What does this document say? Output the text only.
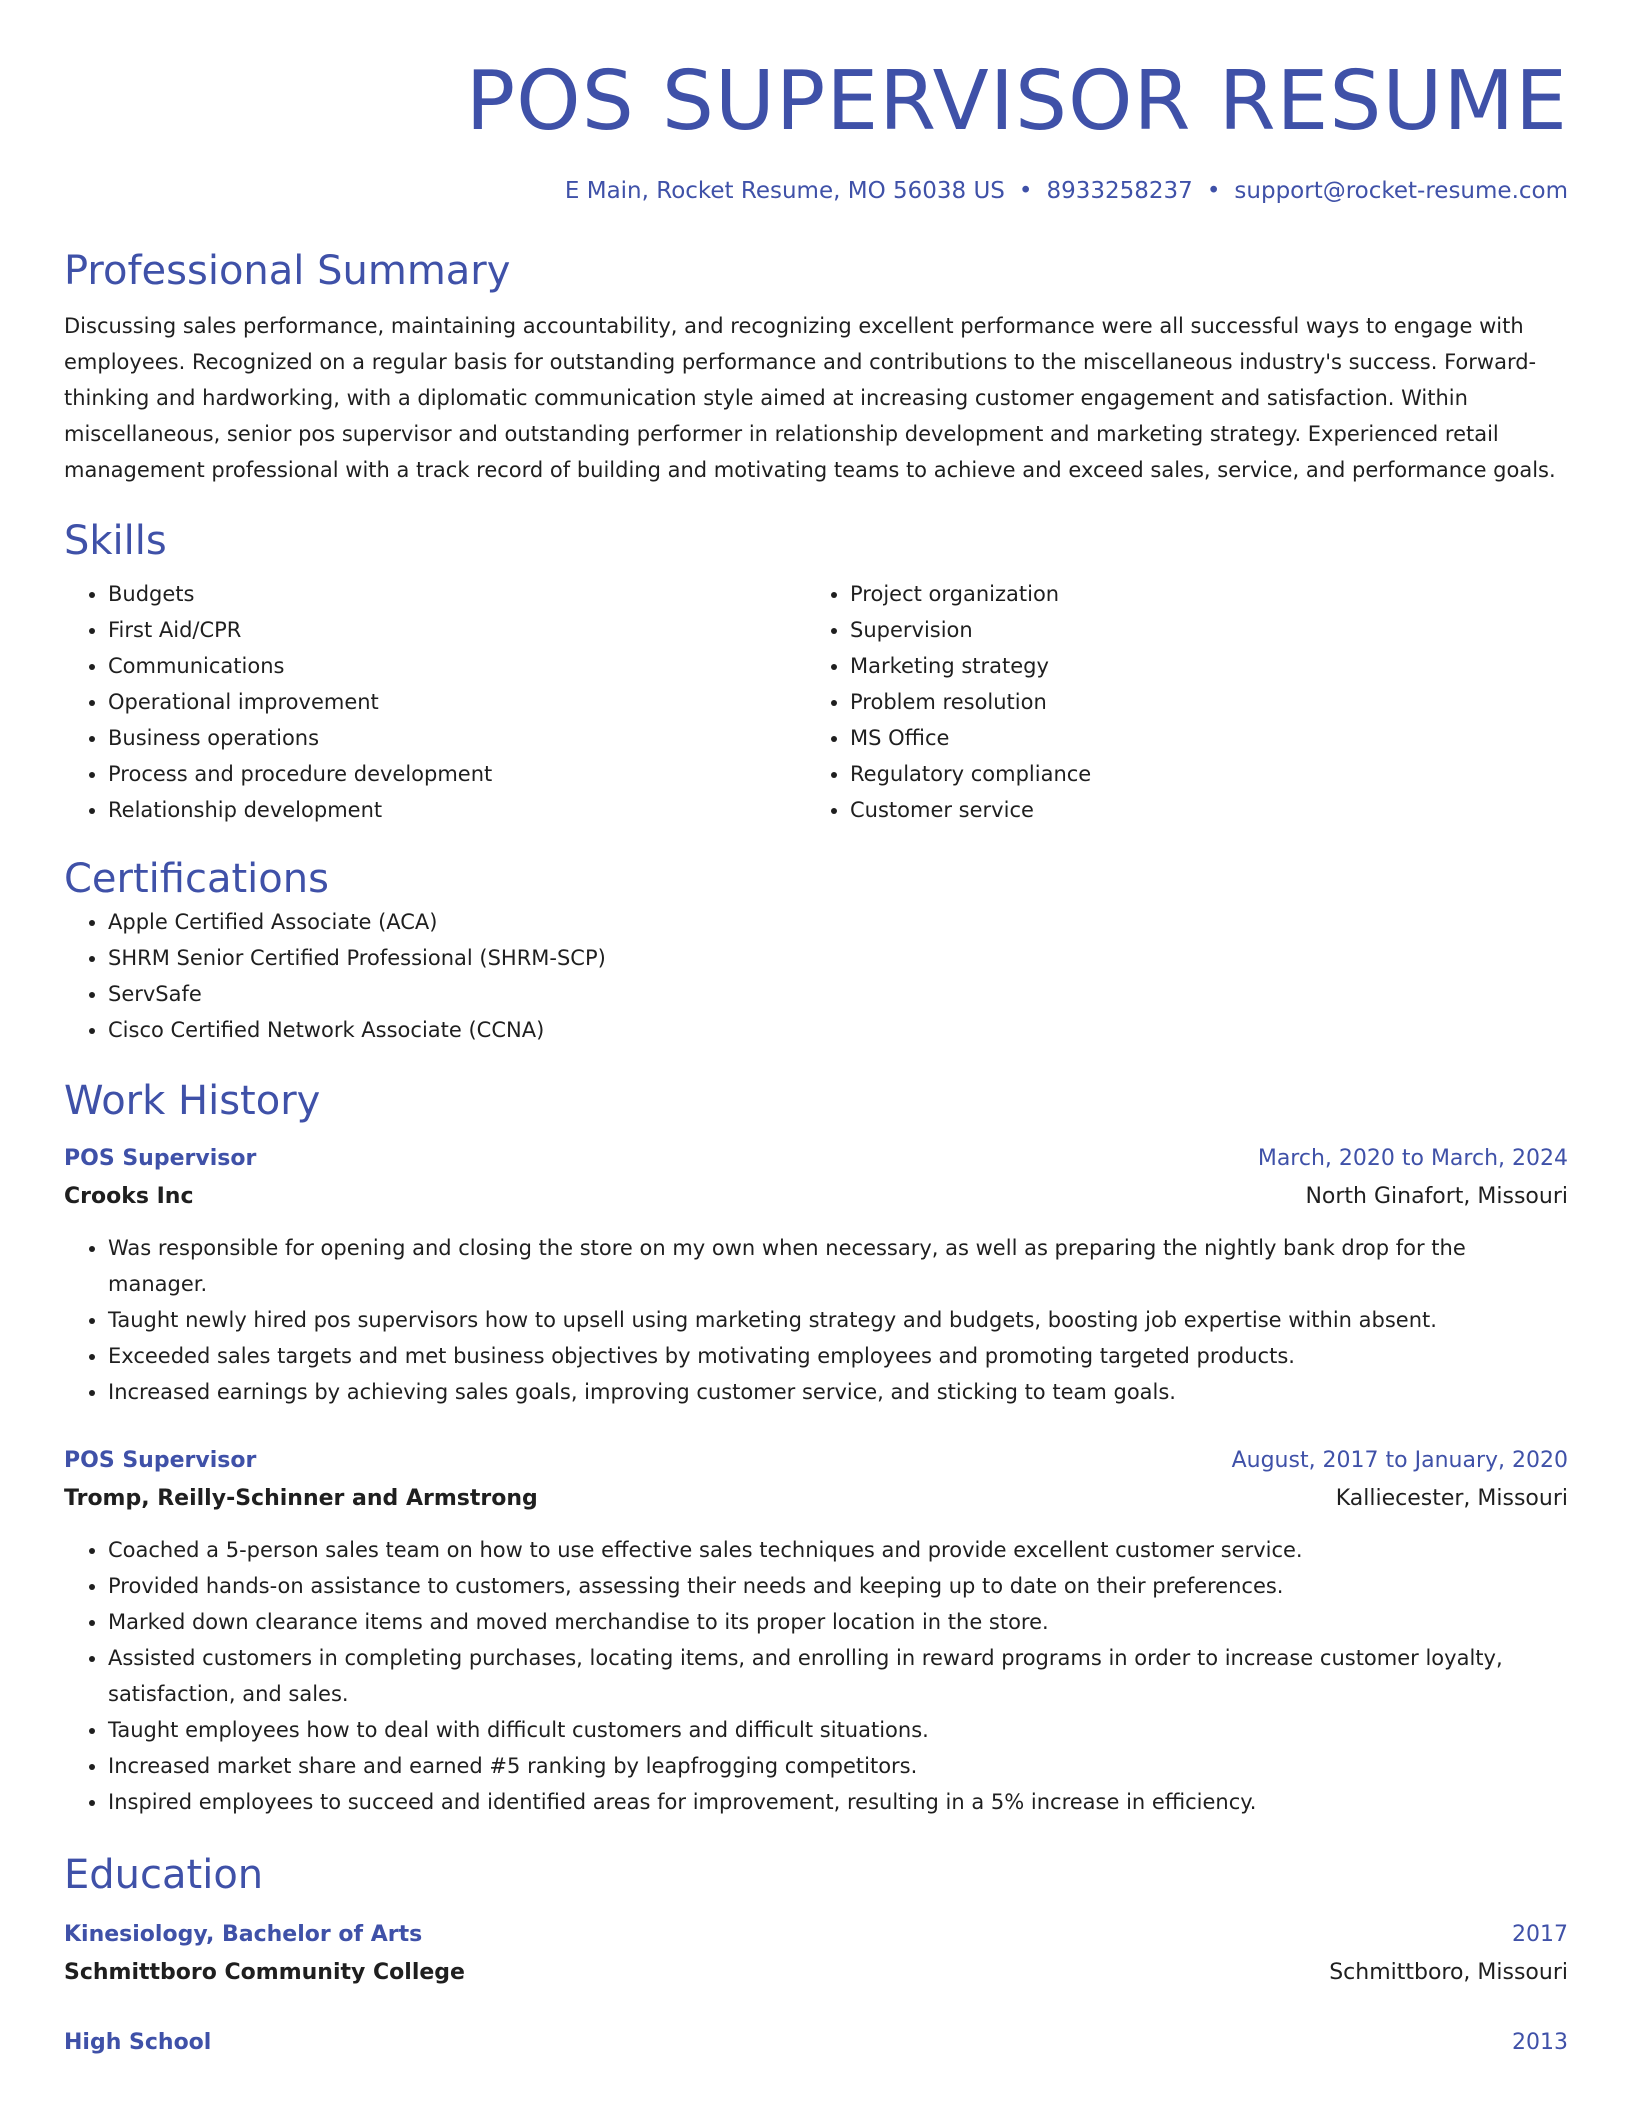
POS SUPERVISOR RESUME
E Main, Rocket Resume, MO 56038 US • 8933258237 • support@rocket-resume.com
Professional Summary

Discussing sales performance, maintaining accountability, and recognizing excellent performance were all successful ways to engage with employees. Recognized on a regular basis for outstanding performance and contributions to the miscellaneous industry's success. Forward-thinking and hardworking, with a diplomatic communication style aimed at increasing customer engagement and satisfaction. Within miscellaneous, senior pos supervisor and outstanding performer in relationship development and marketing strategy. Experienced retail management professional with a track record of building and motivating teams to achieve and exceed sales, service, and performance goals.

Skills
• Budgets
• First Aid/CPR
• Communications
• Operational improvement
• Business operations
• Process and procedure development
• Relationship development
• Project organization
• Supervision
• Marketing strategy
• Problem resolution
• MS Office
• Regulatory compliance
• Customer service
Certifications
• Apple Certified Associate (ACA)
• SHRM Senior Certified Professional (SHRM-SCP)
• ServSafe
• Cisco Certified Network Associate (CCNA)
Work History
POS Supervisor	March, 2020 to March, 2024
Crooks Inc	North Ginafort, Missouri
• Was responsible for opening and closing the store on my own when necessary, as well as preparing the nightly bank drop for the manager.
• Taught newly hired pos supervisors how to upsell using marketing strategy and budgets, boosting job expertise within absent.
• Exceeded sales targets and met business objectives by motivating employees and promoting targeted products.
• Increased earnings by achieving sales goals, improving customer service, and sticking to team goals.
POS Supervisor	August, 2017 to January, 2020
Tromp, Reilly-Schinner and Armstrong	Kalliecester, Missouri
• Coached a 5-person sales team on how to use effective sales techniques and provide excellent customer service.
• Provided hands-on assistance to customers, assessing their needs and keeping up to date on their preferences.
• Marked down clearance items and moved merchandise to its proper location in the store.
• Assisted customers in completing purchases, locating items, and enrolling in reward programs in order to increase customer loyalty, satisfaction, and sales.
• Taught employees how to deal with difficult customers and difficult situations.
• Increased market share and earned #5 ranking by leapfrogging competitors.
• Inspired employees to succeed and identified areas for improvement, resulting in a 5% increase in efficiency.
Education
Kinesiology, Bachelor of Arts	2017
Schmittboro Community College	Schmittboro, Missouri
High School	2013
